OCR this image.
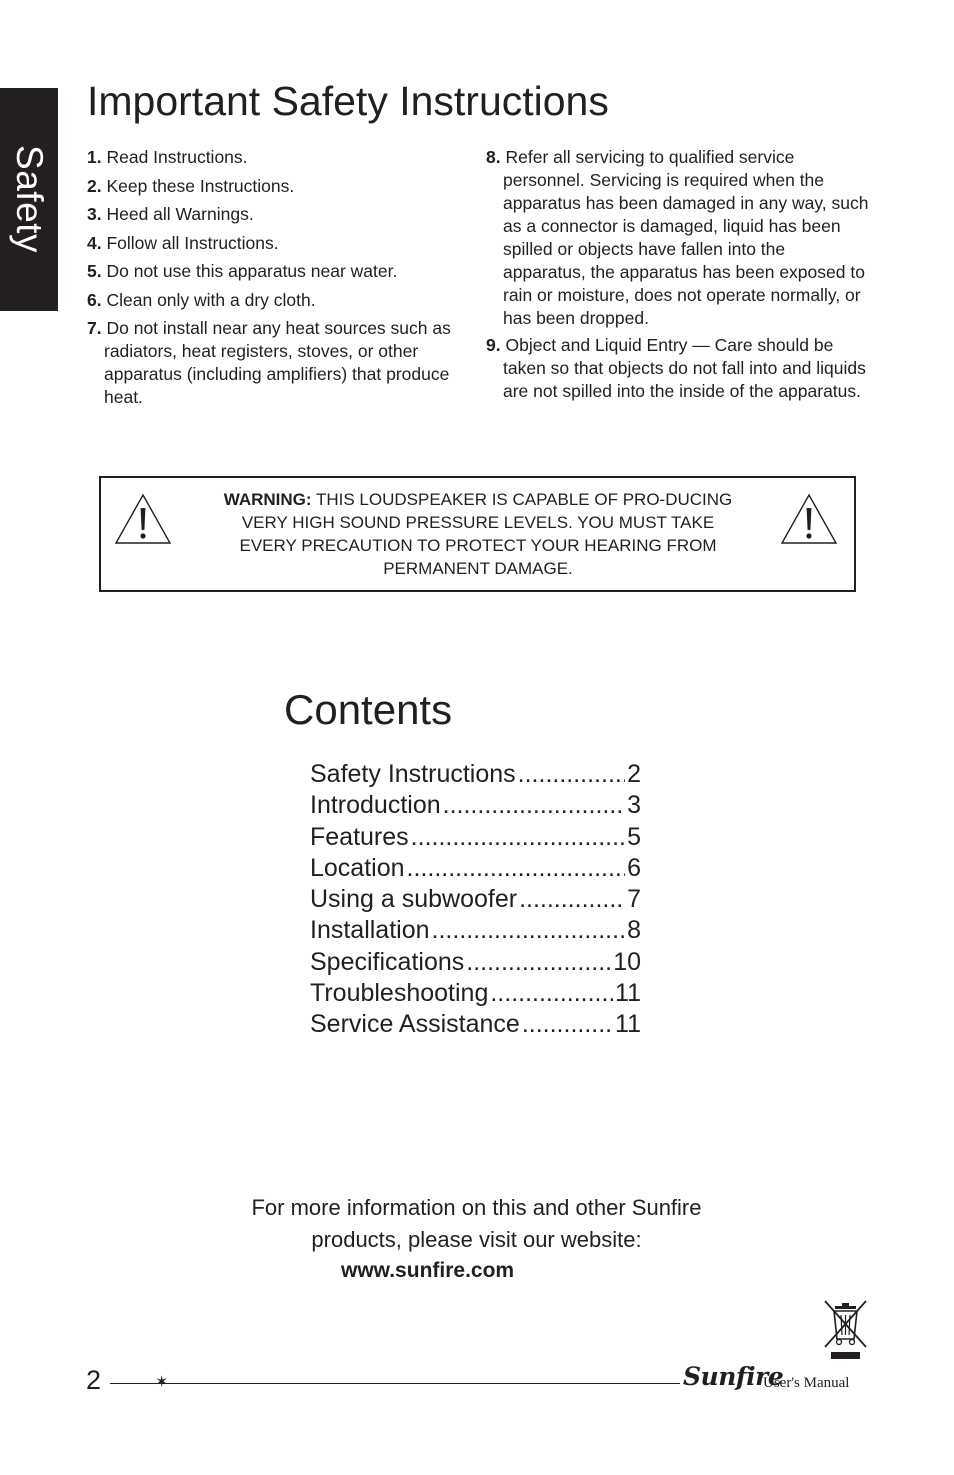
Safety
Important Safety Instructions
1. Read Instructions.
2. Keep these Instructions.
3. Heed all Warnings.
4. Follow all Instructions.
5. Do not use this apparatus near water.
6. Clean only with a dry cloth.
7. Do not install near any heat sources such as radiators, heat registers, stoves, or other apparatus (including amplifiers) that produce heat.
8. Refer all servicing to qualified service personnel. Servicing is required when the apparatus has been damaged in any way, such as a connector is damaged, liquid has been spilled or objects have fallen into the apparatus, the apparatus has been exposed to rain or moisture, does not operate normally, or has been dropped.
9. Object and Liquid Entry — Care should be taken so that objects do not fall into and liquids are not spilled into the inside of the apparatus.
WARNING: THIS LOUDSPEAKER IS CAPABLE OF PRO-DUCING VERY HIGH SOUND PRESSURE LEVELS. YOU MUST TAKE EVERY PRECAUTION TO PROTECT YOUR HEARING FROM PERMANENT DAMAGE.
Contents
Safety Instructions .....	2
Introduction .....	3
Features .....	5
Location .....	6
Using a subwoofer .....	7
Installation .....	8
Specifications .....	10
Troubleshooting .....	11
Service Assistance .....	11
For more information on this and other Sunfire
products, please visit our website:
www.sunfire.com
2	✶	Sunfire
User's Manual
